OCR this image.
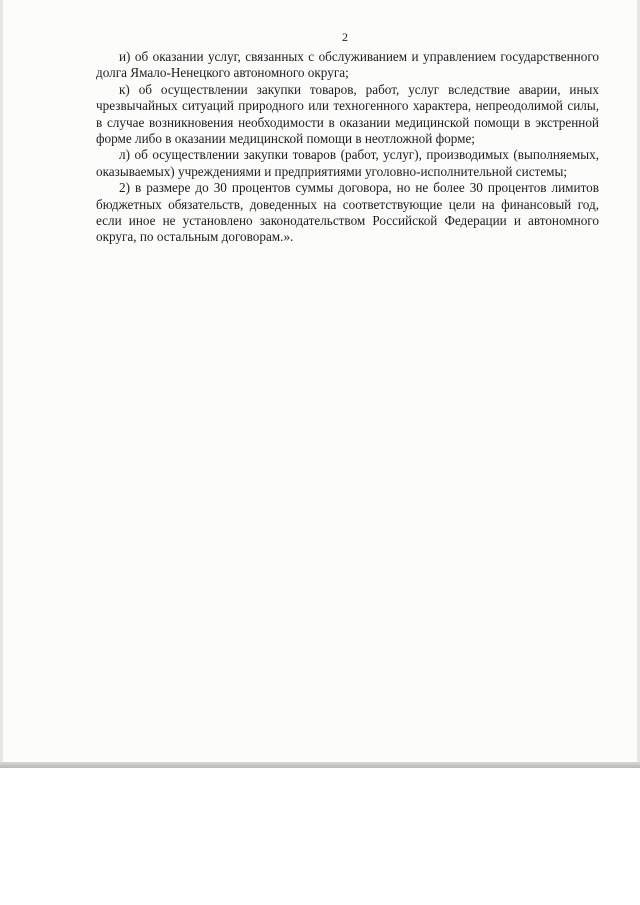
2

и) об оказании услуг, связанных с обслуживанием и управлением государственного долга Ямало-Ненецкого автономного округа;

к) об осуществлении закупки товаров, работ, услуг вследствие аварии, иных чрезвычайных ситуаций природного или техногенного характера, непреодолимой силы, в случае возникновения необходимости в оказании медицинской помощи в экстренной форме либо в оказании медицинской помощи в неотложной форме;

л) об осуществлении закупки товаров (работ, услуг), производимых (выполняемых, оказываемых) учреждениями и предприятиями уголовно-исполнительной системы;

2) в размере до 30 процентов суммы договора, но не более 30 процентов лимитов бюджетных обязательств, доведенных на соответствующие цели на финансовый год, если иное не установлено законодательством Российской Федерации и автономного округа, по остальным договорам.».
